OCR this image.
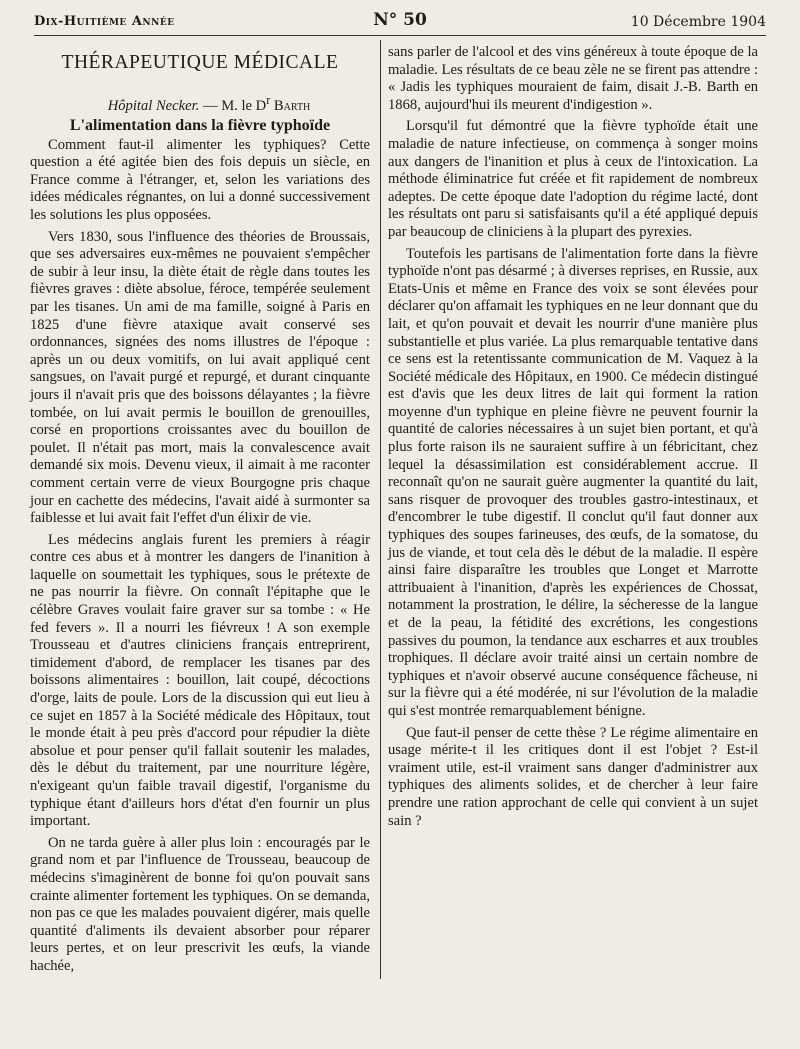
Dix-Huitième Année	N° 50	10 Décembre 1904
THÉRAPEUTIQUE MÉDICALE

Hôpital Necker. — M. le $D^r$ Barth

L'alimentation dans la fièvre typhoïde

Comment faut-il alimenter les typhiques? Cette question a été agitée bien des fois depuis un siècle, en France comme à l'étranger, et, selon les variations des idées médicales régnantes, on lui a donné successivement les solutions les plus opposées.

Vers 1830, sous l'influence des théories de Broussais, que ses adversaires eux-mêmes ne pouvaient s'empêcher de subir à leur insu, la diète était de règle dans toutes les fièvres graves : diète absolue, féroce, tempérée seulement par les tisanes. Un ami de ma famille, soigné à Paris en 1825 d'une fièvre ataxique avait conservé ses ordonnances, signées des noms illustres de l'époque : après un ou deux vomitifs, on lui avait appliqué cent sangsues, on l'avait purgé et repurgé, et durant cinquante jours il n'avait pris que des boissons délayantes ; la fièvre tombée, on lui avait permis le bouillon de grenouilles, corsé en proportions croissantes avec du bouillon de poulet. Il n'était pas mort, mais la convalescence avait demandé six mois. Devenu vieux, il aimait à me raconter comment certain verre de vieux Bourgogne pris chaque jour en cachette des médecins, l'avait aidé à surmonter sa faiblesse et lui avait fait l'effet d'un élixir de vie.

Les médecins anglais furent les premiers à réagir contre ces abus et à montrer les dangers de l'inanition à laquelle on soumettait les typhiques, sous le prétexte de ne pas nourrir la fièvre. On connaît l'épitaphe que le célèbre Graves voulait faire graver sur sa tombe : « He fed fevers ». Il a nourri les fiévreux ! A son exemple Trousseau et d'autres cliniciens français entreprirent, timidement d'abord, de remplacer les tisanes par des boissons alimentaires : bouillon, lait coupé, décoctions d'orge, laits de poule. Lors de la discussion qui eut lieu à ce sujet en 1857 à la Société médicale des Hôpitaux, tout le monde était à peu près d'accord pour répudier la diète absolue et pour penser qu'il fallait soutenir les malades, dès le début du traitement, par une nourriture légère, n'exigeant qu'un faible travail digestif, l'organisme du typhique étant d'ailleurs hors d'état d'en fournir un plus important.

On ne tarda guère à aller plus loin : encouragés par le grand nom et par l'influence de Trousseau, beaucoup de médecins s'imaginèrent de bonne foi qu'on pouvait sans crainte alimenter fortement les typhiques. On se demanda, non pas ce que les malades pouvaient digérer, mais quelle quantité d'aliments ils devaient absorber pour réparer leurs pertes, et on leur prescrivit les œufs, la viande hachée,

sans parler de l'alcool et des vins généreux à toute époque de la maladie. Les résultats de ce beau zèle ne se firent pas attendre : « Jadis les typhiques mouraient de faim, disait J.-B. Barth en 1868, aujourd'hui ils meurent d'indigestion ».

Lorsqu'il fut démontré que la fièvre typhoïde était une maladie de nature infectieuse, on commença à songer moins aux dangers de l'inanition et plus à ceux de l'intoxication. La méthode éliminatrice fut créée et fit rapidement de nombreux adeptes. De cette époque date l'adoption du régime lacté, dont les résultats ont paru si satisfaisants qu'il a été appliqué depuis par beaucoup de cliniciens à la plupart des pyrexies.

Toutefois les partisans de l'alimentation forte dans la fièvre typhoïde n'ont pas désarmé ; à diverses reprises, en Russie, aux Etats-Unis et même en France des voix se sont élevées pour déclarer qu'on affamait les typhiques en ne leur donnant que du lait, et qu'on pouvait et devait les nourrir d'une manière plus substantielle et plus variée. La plus remarquable tentative dans ce sens est la retentissante communication de M. Vaquez à la Société médicale des Hôpitaux, en 1900. Ce médecin distingué est d'avis que les deux litres de lait qui forment la ration moyenne d'un typhique en pleine fièvre ne peuvent fournir la quantité de calories nécessaires à un sujet bien portant, et qu'à plus forte raison ils ne sauraient suffire à un fébricitant, chez lequel la désassimilation est considérablement accrue. Il reconnaît qu'on ne saurait guère augmenter la quantité du lait, sans risquer de provoquer des troubles gastro-intestinaux, et d'encombrer le tube digestif. Il conclut qu'il faut donner aux typhiques des soupes farineuses, des œufs, de la somatose, du jus de viande, et tout cela dès le début de la maladie. Il espère ainsi faire disparaître les troubles que Longet et Marrotte attribuaient à l'inanition, d'après les expériences de Chossat, notamment la prostration, le délire, la sécheresse de la langue et de la peau, la fétidité des excrétions, les congestions passives du poumon, la tendance aux escharres et aux troubles trophiques. Il déclare avoir traité ainsi un certain nombre de typhiques et n'avoir observé aucune conséquence fâcheuse, ni sur la fièvre qui a été modérée, ni sur l'évolution de la maladie qui s'est montrée remarquablement bénigne.

Que faut-il penser de cette thèse ? Le régime alimentaire en usage mérite-t il les critiques dont il est l'objet ? Est-il vraiment utile, est-il vraiment sans danger d'administrer aux typhiques des aliments solides, et de chercher à leur faire prendre une ration approchant de celle qui convient à un sujet sain ?
